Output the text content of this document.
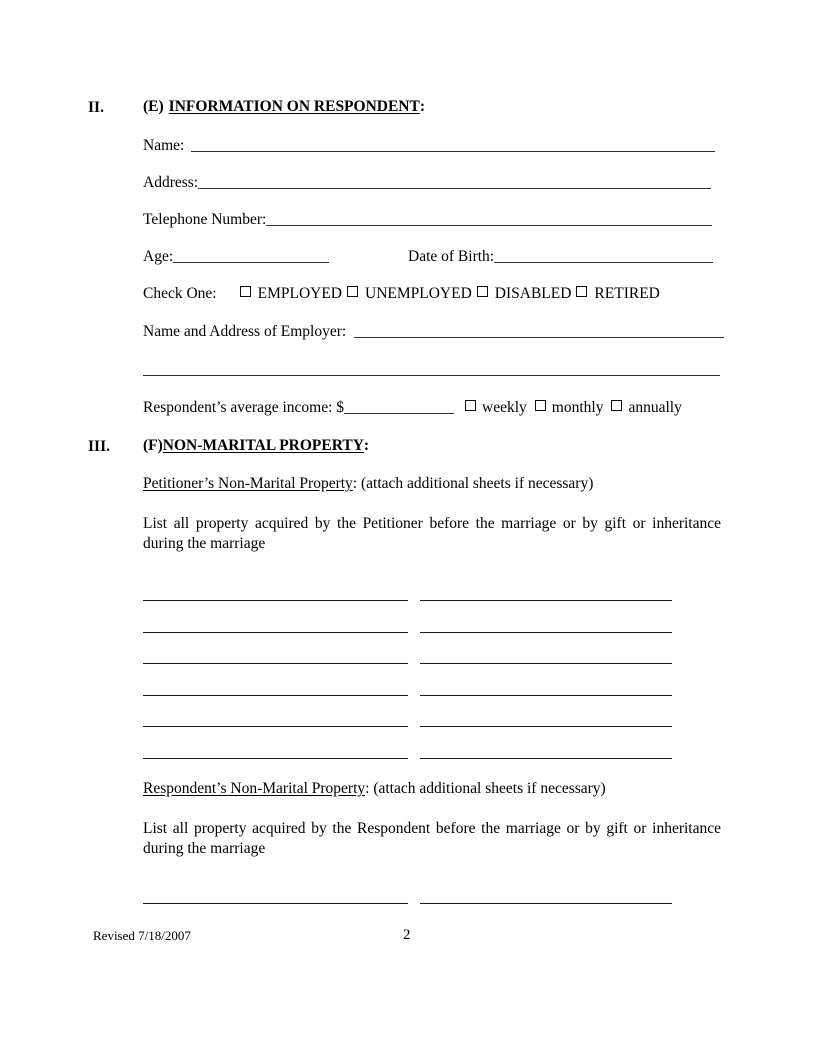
II.	(E) INFORMATION ON RESPONDENT :
Name:
Address:
Telephone Number:
Age:	Date of Birth:
Check One:	EMPLOYED UNEMPLOYED DISABLED RETIRED
Name and Address of Employer:
Respondent’s average income: $	weekly monthly annually
III. (F) NON-MARITAL PROPERTY :
Petitioner’s Non-Marital Property : (attach additional sheets if necessary)
List all property acquired by the Petitioner before the marriage or by gift or inheritance during the marriage
Respondent’s Non-Marital Property : (attach additional sheets if necessary)
List all property acquired by the Respondent before the marriage or by gift or inheritance during the marriage
Revised 7/18/2007	2
